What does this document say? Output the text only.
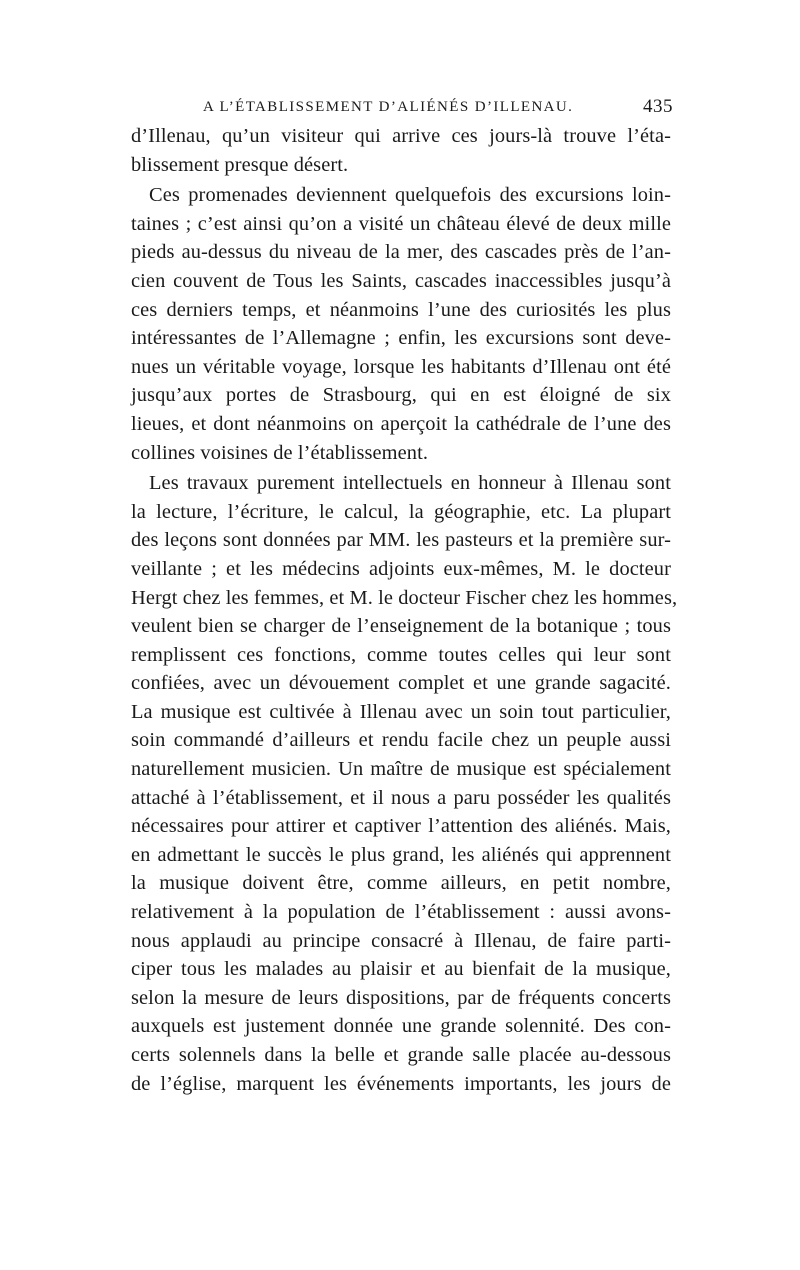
A L’ÉTABLISSEMENT D’ALIÉNÉS D’ILLENAU.	435
d’Illenau, qu’un visiteur qui arrive ces jours-là trouve l’éta-
blissement presque désert.
Ces promenades deviennent quelquefois des excursions loin-
taines ; c’est ainsi qu’on a visité un château élevé de deux mille
pieds au-dessus du niveau de la mer, des cascades près de l’an-
cien couvent de Tous les Saints, cascades inaccessibles jusqu’à
ces derniers temps, et néanmoins l’une des curiosités les plus
intéressantes de l’Allemagne ; enfin, les excursions sont deve-
nues un véritable voyage, lorsque les habitants d’Illenau ont été
jusqu’aux portes de Strasbourg, qui en est éloigné de six
lieues, et dont néanmoins on aperçoit la cathédrale de l’une des
collines voisines de l’établissement.
Les travaux purement intellectuels en honneur à Illenau sont
la lecture, l’écriture, le calcul, la géographie, etc. La plupart
des leçons sont données par MM. les pasteurs et la première sur-
veillante ; et les médecins adjoints eux-mêmes, M. le docteur
Hergt chez les femmes, et M. le docteur Fischer chez les hommes,
veulent bien se charger de l’enseignement de la botanique ; tous
remplissent ces fonctions, comme toutes celles qui leur sont
confiées, avec un dévouement complet et une grande sagacité.
La musique est cultivée à Illenau avec un soin tout particulier,
soin commandé d’ailleurs et rendu facile chez un peuple aussi
naturellement musicien. Un maître de musique est spécialement
attaché à l’établissement, et il nous a paru posséder les qualités
nécessaires pour attirer et captiver l’attention des aliénés. Mais,
en admettant le succès le plus grand, les aliénés qui apprennent
la musique doivent être, comme ailleurs, en petit nombre,
relativement à la population de l’établissement : aussi avons-
nous applaudi au principe consacré à Illenau, de faire parti-
ciper tous les malades au plaisir et au bienfait de la musique,
selon la mesure de leurs dispositions, par de fréquents concerts
auxquels est justement donnée une grande solennité. Des con-
certs solennels dans la belle et grande salle placée au-dessous
de l’église, marquent les événements importants, les jours de
